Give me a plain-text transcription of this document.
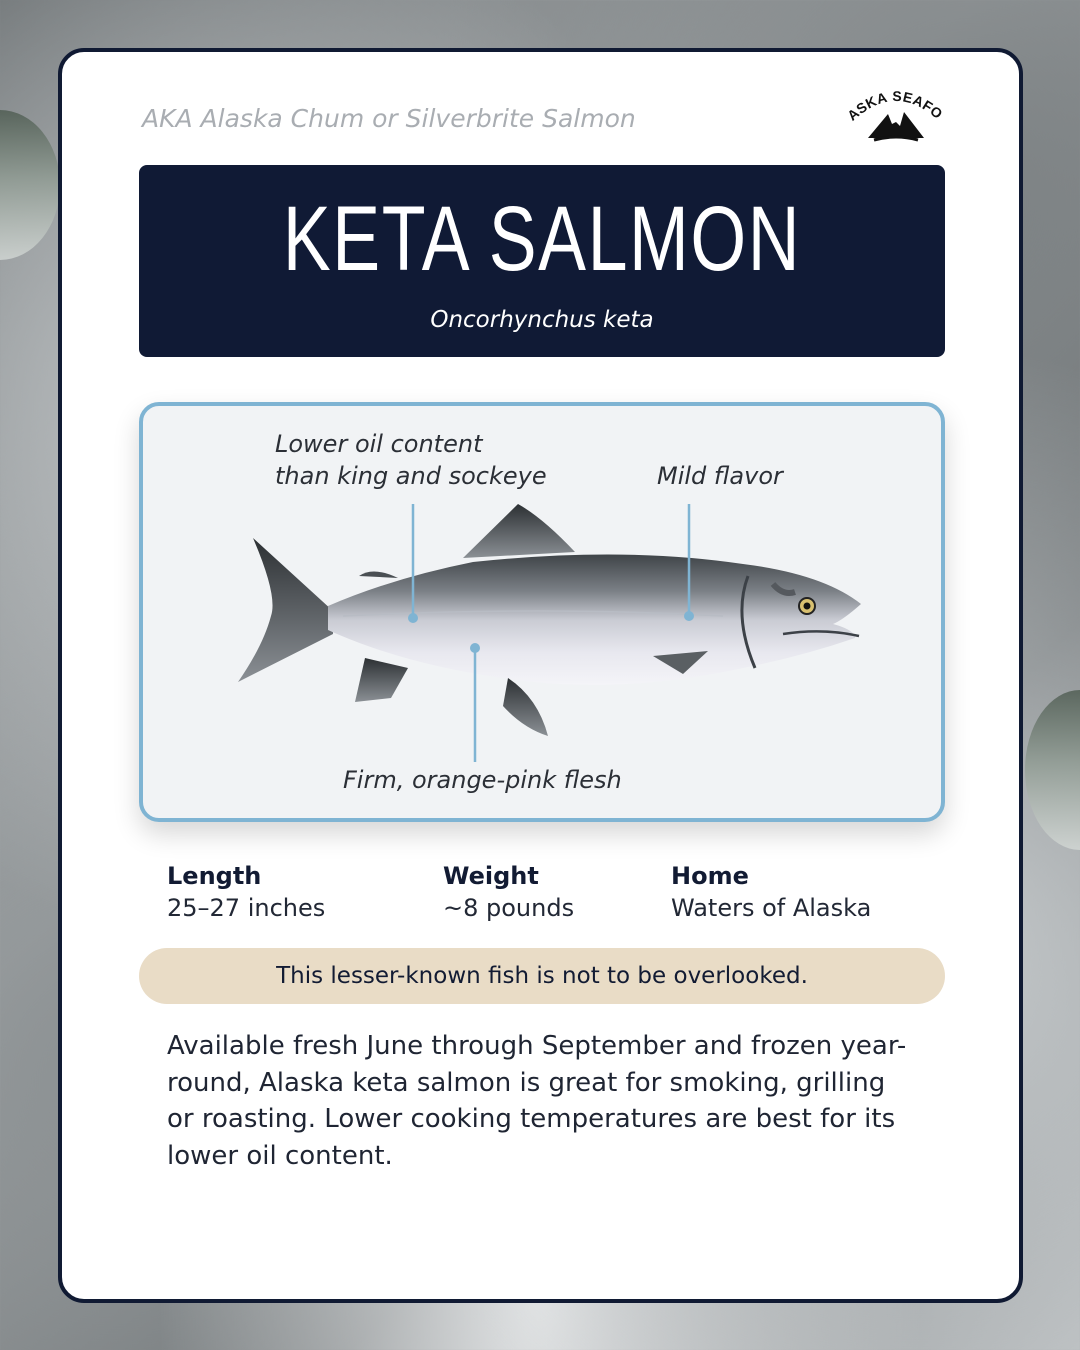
AKA Alaska Chum or Silverbrite Salmon	ASKA SEAFO
KETA SALMON
Oncorhynchus keta
Lower oil content
than king and sockeye	Mild flavor
Firm, orange-pink flesh
Length
25–27 inches
Weight
~8 pounds
Home
Waters of Alaska
This lesser-known fish is not to be overlooked.
Available fresh June through September and frozen year-round, Alaska keta salmon is great for smoking, grilling or roasting. Lower cooking temperatures are best for its lower oil content.
